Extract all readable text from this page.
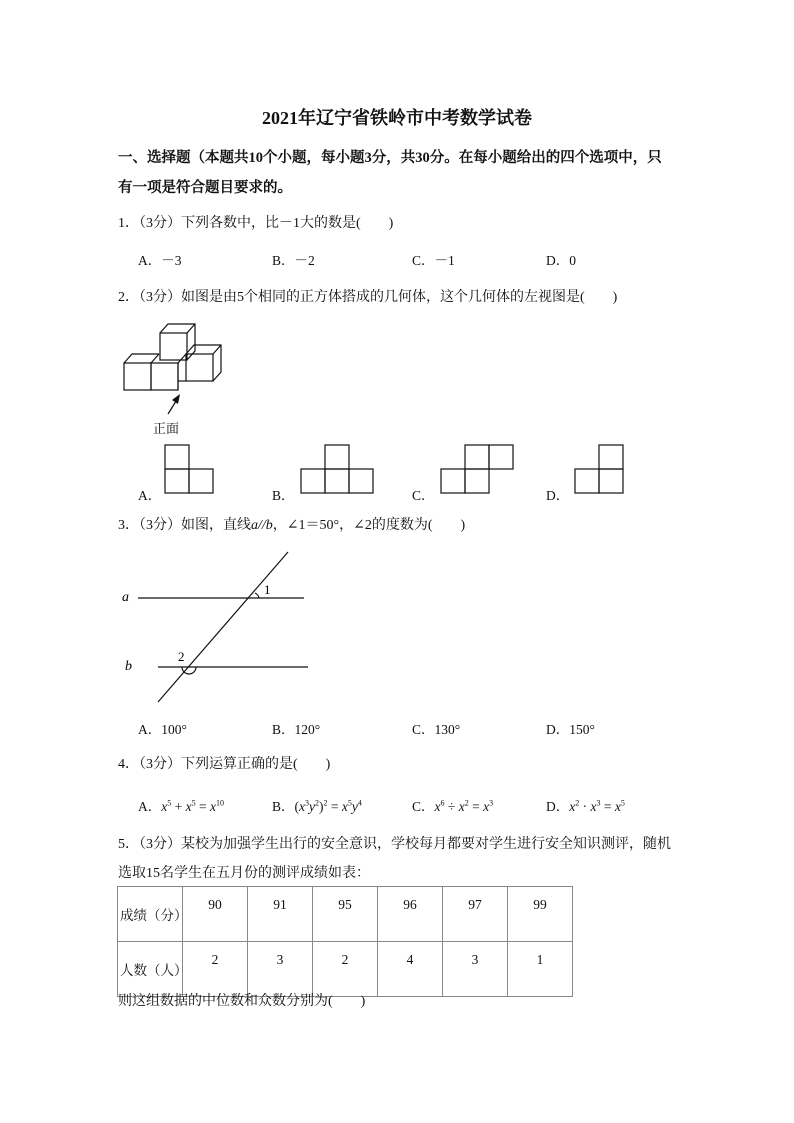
2021年辽宁省铁岭市中考数学试卷
一、选择题（本题共10个小题，每小题3分，共30分。在每小题给出的四个选项中，只
有一项是符合题目要求的。
1．（3分）下列各数中，比－1大的数是(　　)
A．－3	B．－2	C．－1	D．0
2．（3分）如图是由5个相同的正方体搭成的几何体，这个几何体的左视图是(　　)
正面
A．	B．	C．	D．
3．（3分）如图，直线a//b，∠1＝50°，∠2的度数为(　　)
a
b
1
2
A．100°	B．120°	C．130°	D．150°
4．（3分）下列运算正确的是(　　)
A．$x^5 + x^5 = x^{10}$	B．$(x^3y^2)^2 = x^5y^4$	C．$x^6 \div x^2 = x^3$	D．$x^2 \cdot x^3 = x^5$
5．（3分）某校为加强学生出行的安全意识，学校每月都要对学生进行安全知识测评，随机
选取15名学生在五月份的测评成绩如表：
成绩（分）	90	91	95	96	97	99
人数（人）	2	3	2	4	3	1
则这组数据的中位数和众数分别为(　　)
